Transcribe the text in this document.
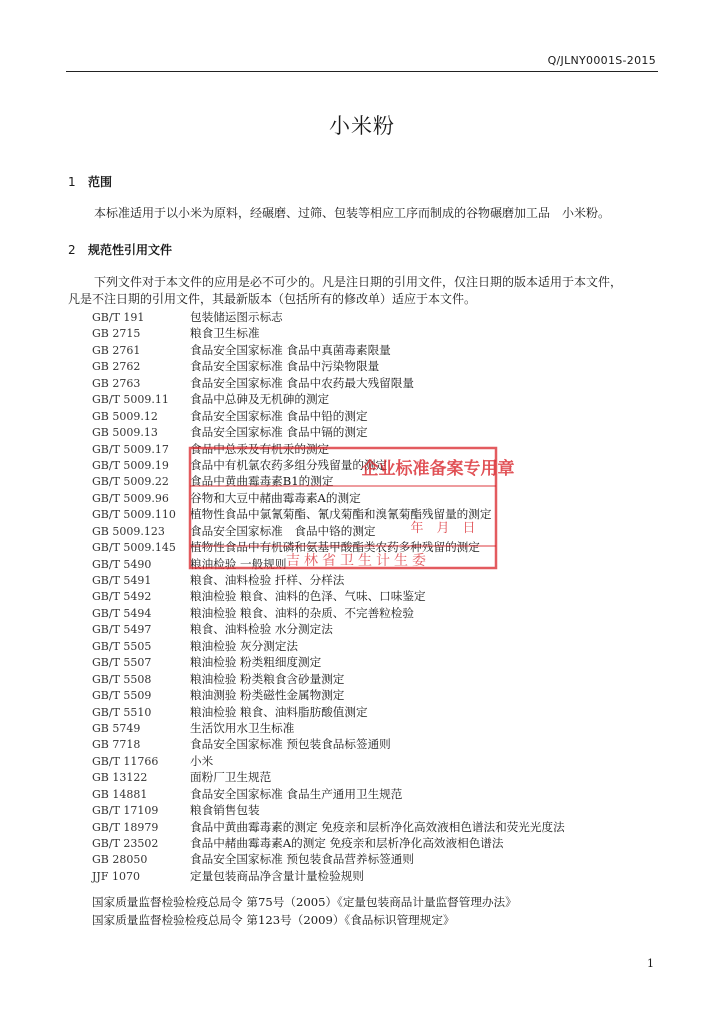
Q/JLNY0001S-2015
小米粉
1 范围
本标准适用于以小米为原料，经碾磨、过筛、包装等相应工序而制成的谷物碾磨加工品　小米粉。
2 规范性引用文件
下列文件对于本文件的应用是必不可少的。凡是注日期的引用文件，仅注日期的版本适用于本文件，
凡是不注日期的引用文件，其最新版本（包括所有的修改单）适应于本文件。
GB/T 191	包装储运图示标志
GB 2715	粮食卫生标准
GB 2761	食品安全国家标准 食品中真菌毒素限量
GB 2762	食品安全国家标准 食品中污染物限量
GB 2763	食品安全国家标准 食品中农药最大残留限量
GB/T 5009.11 食品中总砷及无机砷的测定
GB 5009.12	食品安全国家标准 食品中铅的测定
GB 5009.13	食品安全国家标准 食品中镉的测定
GB/T 5009.17 食品中总汞及有机汞的测定
GB/T 5009.19 食品中有机氯农药多组分残留量的测定
GB/T 5009.22 食品中黄曲霉毒素B1的测定
GB/T 5009.96 谷物和大豆中赭曲霉毒素A的测定
GB/T 5009.110 植物性食品中氯氰菊酯、氰戊菊酯和溴氰菊酯残留量的测定
GB 5009.123 食品安全国家标准　食品中铬的测定
GB/T 5009.145 植物性食品中有机磷和氨基甲酸酯类农药多种残留的测定
GB/T 5490	粮油检验 一般规则
GB/T 5491	粮食、油料检验 扦样、分样法
GB/T 5492	粮油检验 粮食、油料的色泽、气味、口味鉴定
GB/T 5494	粮油检验 粮食、油料的杂质、不完善粒检验
GB/T 5497	粮食、油料检验 水分测定法
GB/T 5505	粮油检验 灰分测定法
GB/T 5507	粮油检验 粉类粗细度测定
GB/T 5508	粮油检验 粉类粮食含砂量测定
GB/T 5509	粮油测验 粉类磁性金属物测定
GB/T 5510	粮油检验 粮食、油料脂肪酸值测定
GB 5749	生活饮用水卫生标准
GB 7718	食品安全国家标准 预包装食品标签通则
GB/T 11766	小米
GB 13122	面粉厂卫生规范
GB 14881	食品安全国家标准 食品生产通用卫生规范
GB/T 17109	粮食销售包装
GB/T 18979	食品中黄曲霉毒素的测定 免疫亲和层析净化高效液相色谱法和荧光光度法
GB/T 23502	食品中赭曲霉毒素A的测定 免疫亲和层析净化高效液相色谱法
GB 28050	食品安全国家标准 预包装食品营养标签通则
JJF 1070	定量包装商品净含量计量检验规则
国家质量监督检验检疫总局令 第75号（2005）《定量包装商品计量监督管理办法》
国家质量监督检验检疫总局令 第123号（2009）《食品标识管理规定》
企业标准备案专用章
年　月　日
吉林省卫生计生委
1
